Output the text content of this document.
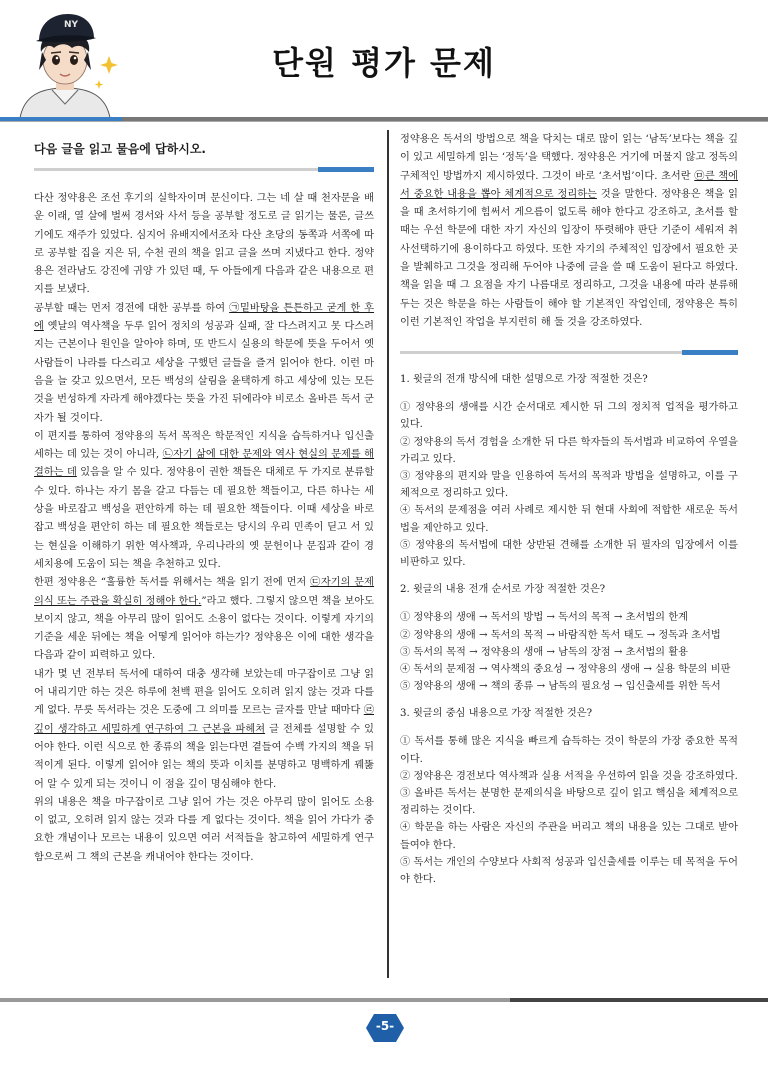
NY
단원 평가 문제
다음 글을 읽고 물음에 답하시오.

다산 정약용은 조선 후기의 실학자이며 문신이다. 그는 네 살 때 천자문을 배운 이래, 열 살에 벌써 경서와 사서 등을 공부할 정도로 글 읽기는 물론, 글쓰기에도 재주가 있었다. 심지어 유배지에서조차 다산 초당의 동쪽과 서쪽에 따로 공부할 집을 지은 뒤, 수천 권의 책을 읽고 글을 쓰며 지냈다고 한다. 정약용은 전라남도 강진에 귀양 가 있던 때, 두 아들에게 다음과 같은 내용으로 편지를 보냈다.

공부할 때는 먼저 경전에 대한 공부를 하여 ㉠밑바탕을 튼튼하고 굳게 한 후에 옛날의 역사책을 두루 읽어 정치의 성공과 실패, 잘 다스려지고 못 다스려지는 근본이나 원인을 알아야 하며, 또 반드시 실용의 학문에 뜻을 두어서 옛사람들이 나라를 다스리고 세상을 구했던 글들을 즐겨 읽어야 한다. 이런 마음을 늘 갖고 있으면서, 모든 백성의 살림을 윤택하게 하고 세상에 있는 모든 것을 번성하게 자라게 해야겠다는 뜻을 가진 뒤에라야 비로소 올바른 독서 군자가 될 것이다.

이 편지를 통하여 정약용의 독서 목적은 학문적인 지식을 습득하거나 입신출세하는 데 있는 것이 아니라, ㉡자기 삶에 대한 문제와 역사 현실의 문제를 해결하는 데 있음을 알 수 있다. 정약용이 권한 책들은 대체로 두 가지로 분류할 수 있다. 하나는 자기 몸을 갈고 다듬는 데 필요한 책들이고, 다른 하나는 세상을 바로잡고 백성을 편안하게 하는 데 필요한 책들이다. 이때 세상을 바로잡고 백성을 편안히 하는 데 필요한 책들로는 당시의 우리 민족이 딛고 서 있는 현실을 이해하기 위한 역사책과, 우리나라의 옛 문헌이나 문집과 같이 경세치용에 도움이 되는 책을 추천하고 있다.

한편 정약용은 “훌륭한 독서를 위해서는 책을 읽기 전에 먼저 ㉢자기의 문제의식 또는 주관을 확실히 정해야 한다.”라고 했다. 그렇지 않으면 책을 보아도 보이지 않고, 책을 아무리 많이 읽어도 소용이 없다는 것이다. 이렇게 자기의 기준을 세운 뒤에는 책을 어떻게 읽어야 하는가? 정약용은 이에 대한 생각을 다음과 같이 피력하고 있다.

내가 몇 년 전부터 독서에 대하여 대충 생각해 보았는데 마구잡이로 그냥 읽어 내리기만 하는 것은 하루에 천백 편을 읽어도 오히려 읽지 않는 것과 다를 게 없다. 무릇 독서라는 것은 도중에 그 의미를 모르는 글자를 만날 때마다 ㉣깊이 생각하고 세밀하게 연구하여 그 근본을 파헤쳐 글 전체를 설명할 수 있어야 한다. 이런 식으로 한 종류의 책을 읽는다면 곁들여 수백 가지의 책을 뒤적이게 된다. 이렇게 읽어야 읽는 책의 뜻과 이치를 분명하고 명백하게 꿰뚫어 알 수 있게 되는 것이니 이 점을 깊이 명심해야 한다.

위의 내용은 책을 마구잡이로 그냥 읽어 가는 것은 아무리 많이 읽어도 소용이 없고, 오히려 읽지 않는 것과 다를 게 없다는 것이다. 책을 읽어 가다가 중요한 개념이나 모르는 내용이 있으면 여러 서적들을 참고하여 세밀하게 연구함으로써 그 책의 근본을 캐내어야 한다는 것이다.

정약용은 독서의 방법으로 책을 닥치는 대로 많이 읽는 ‘남독’보다는 책을 깊이 있고 세밀하게 읽는 ‘정독’을 택했다. 정약용은 거기에 머물지 않고 정독의 구체적인 방법까지 제시하였다. 그것이 바로 ‘초서법’이다. 초서란 ㉤큰 책에서 중요한 내용을 뽑아 체계적으로 정리하는 것을 말한다. 정약용은 책을 읽을 때 초서하기에 힘써서 게으름이 없도록 해야 한다고 강조하고, 초서를 할 때는 우선 학문에 대한 자기 자신의 입장이 뚜렷해야 판단 기준이 세워져 취사선택하기에 용이하다고 하였다. 또한 자기의 주체적인 입장에서 필요한 곳을 발췌하고 그것을 정리해 두어야 나중에 글을 쓸 때 도움이 된다고 하였다. 책을 읽을 때 그 요점을 자기 나름대로 정리하고, 그것을 내용에 따라 분류해 두는 것은 학문을 하는 사람들이 해야 할 기본적인 작업인데, 정약용은 특히 이런 기본적인 작업을 부지런히 해 둘 것을 강조하였다.

1. 윗글의 전개 방식에 대한 설명으로 가장 적절한 것은?

① 정약용의 생애를 시간 순서대로 제시한 뒤 그의 정치적 업적을 평가하고 있다.

② 정약용의 독서 경험을 소개한 뒤 다른 학자들의 독서법과 비교하여 우열을 가리고 있다.

③ 정약용의 편지와 말을 인용하여 독서의 목적과 방법을 설명하고, 이를 구체적으로 정리하고 있다.

④ 독서의 문제점을 여러 사례로 제시한 뒤 현대 사회에 적합한 새로운 독서법을 제안하고 있다.

⑤ 정약용의 독서법에 대한 상반된 견해를 소개한 뒤 필자의 입장에서 이를 비판하고 있다.

2. 윗글의 내용 전개 순서로 가장 적절한 것은?

① 정약용의 생애 → 독서의 방법 → 독서의 목적 → 초서법의 한계

② 정약용의 생애 → 독서의 목적 → 바람직한 독서 태도 → 정독과 초서법

③ 독서의 목적 → 정약용의 생애 → 남독의 장점 → 초서법의 활용

④ 독서의 문제점 → 역사책의 중요성 → 정약용의 생애 → 실용 학문의 비판

⑤ 정약용의 생애 → 책의 종류 → 남독의 필요성 → 입신출세를 위한 독서

3. 윗글의 중심 내용으로 가장 적절한 것은?

① 독서를 통해 많은 지식을 빠르게 습득하는 것이 학문의 가장 중요한 목적이다.

② 정약용은 경전보다 역사책과 실용 서적을 우선하여 읽을 것을 강조하였다.

③ 올바른 독서는 분명한 문제의식을 바탕으로 깊이 읽고 핵심을 체계적으로 정리하는 것이다.

④ 학문을 하는 사람은 자신의 주관을 버리고 책의 내용을 있는 그대로 받아들여야 한다.

⑤ 독서는 개인의 수양보다 사회적 성공과 입신출세를 이루는 데 목적을 두어야 한다.

-5-
